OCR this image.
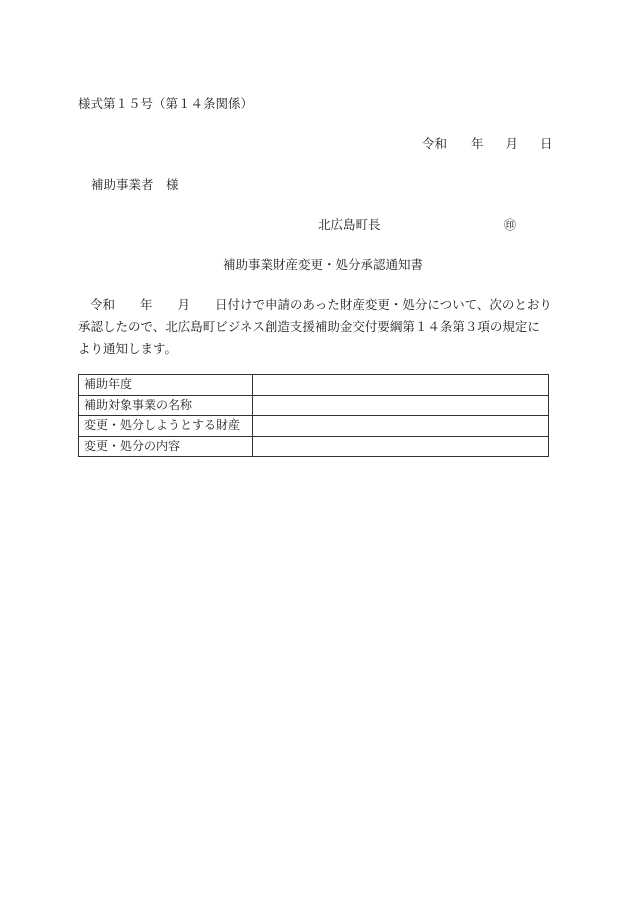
様式第１５号（第１４条関係）
令和 年 月 日
補助事業者　様
北広島町長	㊞
補助事業財産変更・処分承認通知書
令和　　年　　月　　日付けで申請のあった財産変更・処分について、次のとおり承認したので、北広島町ビジネス創造支援補助金交付要綱第１４条第３項の規定により通知します。
補助年度	
補助対象事業の名称	
変更・処分しようとする財産	
変更・処分の内容	
